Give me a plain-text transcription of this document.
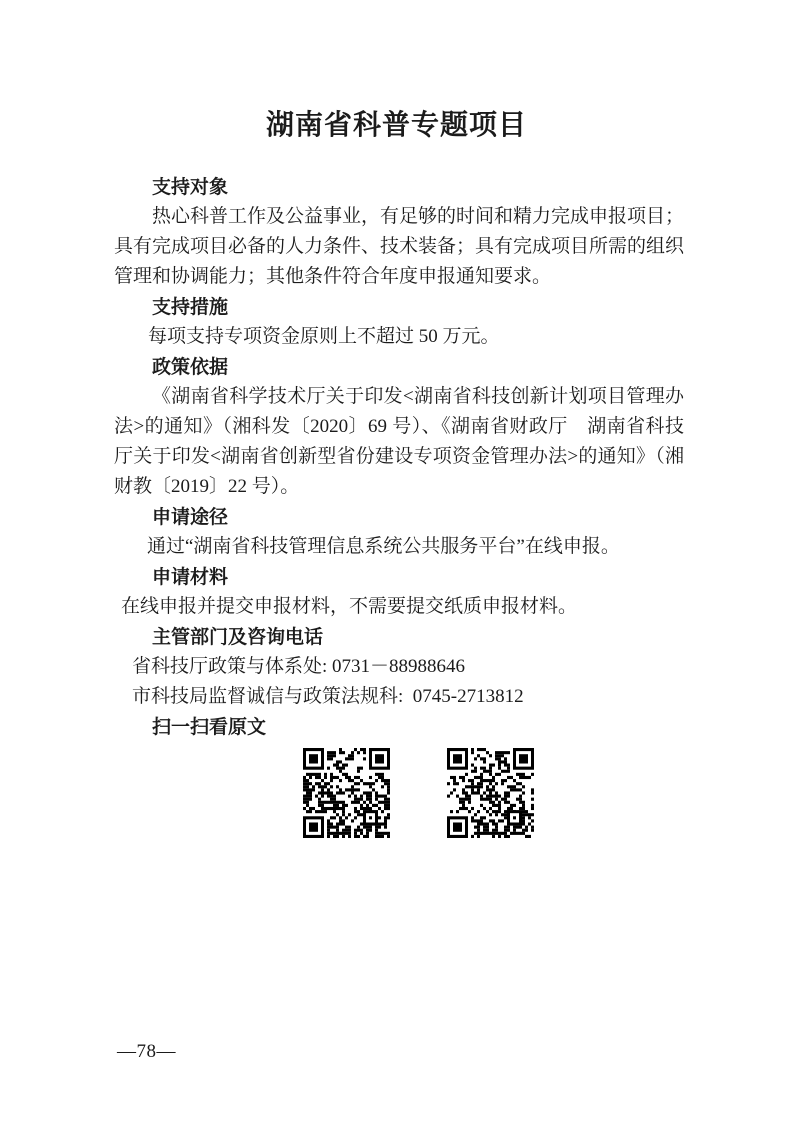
湖南省科普专题项目

支持对象

热心科普工作及公益事业，有足够的时间和精力完成申报项目；具有完成项目必备的人力条件、技术装备；具有完成项目所需的组织管理和协调能力；其他条件符合年度申报通知要求。

支持措施

每项支持专项资金原则上不超过 50 万元。

政策依据

《湖南省科学技术厅关于印发<湖南省科技创新计划项目管理办法>的通知》（湘科发〔2020〕69 号）、《湖南省财政厅　湖南省科技厅关于印发<湖南省创新型省份建设专项资金管理办法>的通知》（湘财教〔2019〕22 号）。

申请途径

通过“湖南省科技管理信息系统公共服务平台”在线申报。

申请材料

在线申报并提交申报材料，不需要提交纸质申报材料。

主管部门及咨询电话

省科技厅政策与体系处: 0731－88988646

市科技局监督诚信与政策法规科:  0745-2713812

扫一扫看原文

—78—
